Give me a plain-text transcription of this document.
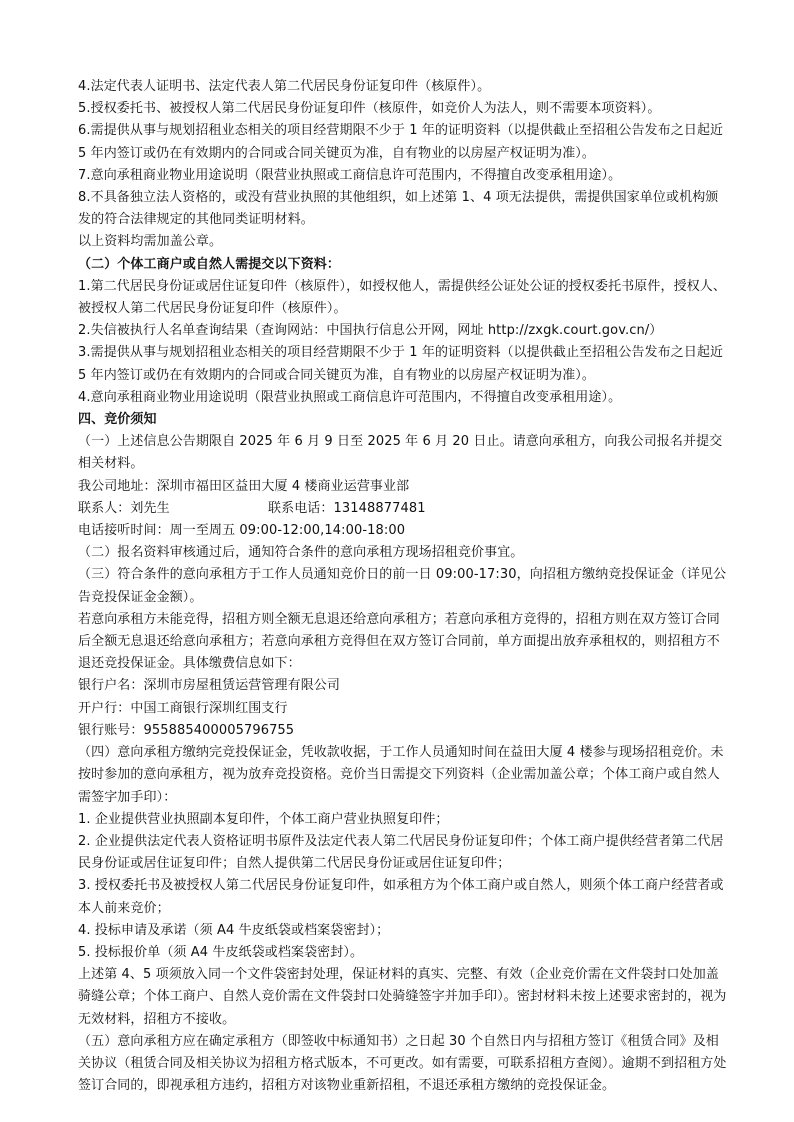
4.法定代表人证明书、法定代表人第二代居民身份证复印件（核原件）。

5.授权委托书、被授权人第二代居民身份证复印件（核原件，如竞价人为法人，则不需要本项资料）。

6.需提供从事与规划招租业态相关的项目经营期限不少于 1 年的证明资料（以提供截止至招租公告发布之日起近 5 年内签订或仍在有效期内的合同或合同关键页为准，自有物业的以房屋产权证明为准）。

7.意向承租商业物业用途说明（限营业执照或工商信息许可范围内，不得擅自改变承租用途）。

8.不具备独立法人资格的，或没有营业执照的其他组织，如上述第 1、4 项无法提供，需提供国家单位或机构颁发的符合法律规定的其他同类证明材料。

以上资料均需加盖公章。

（二）个体工商户或自然人需提交以下资料：

1.第二代居民身份证或居住证复印件（核原件），如授权他人，需提供经公证处公证的授权委托书原件，授权人、被授权人第二代居民身份证复印件（核原件）。

2.失信被执行人名单查询结果（查询网站：中国执行信息公开网，网址 http://zxgk.court.gov.cn/）

3.需提供从事与规划招租业态相关的项目经营期限不少于 1 年的证明资料（以提供截止至招租公告发布之日起近 5 年内签订或仍在有效期内的合同或合同关键页为准，自有物业的以房屋产权证明为准）。

4.意向承租商业物业用途说明（限营业执照或工商信息许可范围内，不得擅自改变承租用途）。

四、竞价须知

（一）上述信息公告期限自 2025 年 6 月 9 日至 2025 年 6 月 20 日止。请意向承租方，向我公司报名并提交相关材料。

我公司地址：深圳市福田区益田大厦 4 楼商业运营事业部

联系人：刘先生	联系电话：13148877481

电话接听时间：周一至周五 09:00-12:00,14:00-18:00

（二）报名资料审核通过后，通知符合条件的意向承租方现场招租竞价事宜。

（三）符合条件的意向承租方于工作人员通知竞价日的前一日 09:00-17:30，向招租方缴纳竞投保证金（详见公告竞投保证金金额）。

若意向承租方未能竞得，招租方则全额无息退还给意向承租方；若意向承租方竞得的，招租方则在双方签订合同后全额无息退还给意向承租方；若意向承租方竞得但在双方签订合同前，单方面提出放弃承租权的，则招租方不退还竞投保证金。具体缴费信息如下：

银行户名：深圳市房屋租赁运营管理有限公司

开户行：中国工商银行深圳红围支行

银行账号：955885400005796755

（四）意向承租方缴纳完竞投保证金，凭收款收据，于工作人员通知时间在益田大厦 4 楼参与现场招租竞价。未按时参加的意向承租方，视为放弃竞投资格。竞价当日需提交下列资料（企业需加盖公章；个体工商户或自然人需签字加手印）：

1. 企业提供营业执照副本复印件，个体工商户营业执照复印件；

2. 企业提供法定代表人资格证明书原件及法定代表人第二代居民身份证复印件；个体工商户提供经营者第二代居民身份证或居住证复印件；自然人提供第二代居民身份证或居住证复印件；

3. 授权委托书及被授权人第二代居民身份证复印件，如承租方为个体工商户或自然人，则须个体工商户经营者或本人前来竞价；

4. 投标申请及承诺（须 A4 牛皮纸袋或档案袋密封）；

5. 投标报价单（须 A4 牛皮纸袋或档案袋密封）。

上述第 4、5 项须放入同一个文件袋密封处理，保证材料的真实、完整、有效（企业竞价需在文件袋封口处加盖骑缝公章；个体工商户、自然人竞价需在文件袋封口处骑缝签字并加手印）。密封材料未按上述要求密封的，视为无效材料，招租方不接收。

（五）意向承租方应在确定承租方（即签收中标通知书）之日起 30 个自然日内与招租方签订《租赁合同》及相关协议（租赁合同及相关协议为招租方格式版本，不可更改。如有需要，可联系招租方查阅）。逾期不到招租方处签订合同的，即视承租方违约，招租方对该物业重新招租，不退还承租方缴纳的竞投保证金。
